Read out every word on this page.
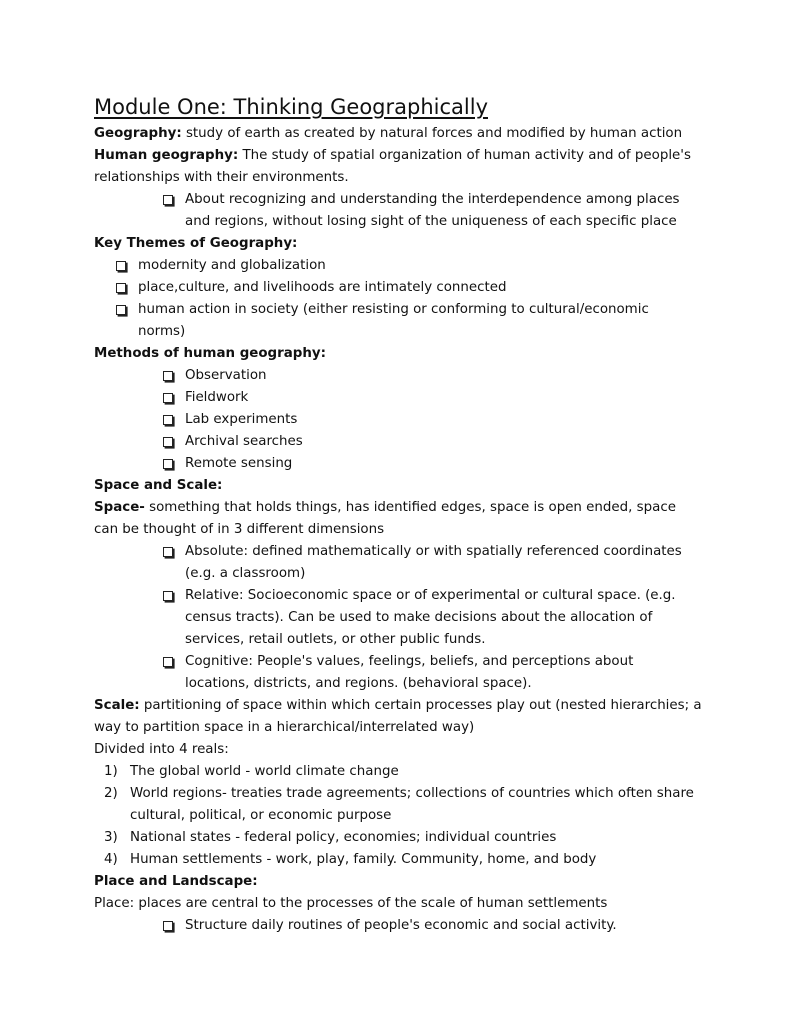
Module One: Thinking Geographically

Geography: study of earth as created by natural forces and modified by human action

Human geography: The study of spatial organization of human activity and of people's relationships with their environments.

About recognizing and understanding the interdependence among places and regions, without losing sight of the uniqueness of each specific place

Key Themes of Geography:

modernity and globalization
place,culture, and livelihoods are intimately connected
human action in society (either resisting or conforming to cultural/economic norms)

Methods of human geography:

Observation
Fieldwork
Lab experiments
Archival searches
Remote sensing

Space and Scale:

Space- something that holds things, has identified edges, space is open ended, space can be thought of in 3 different dimensions

Absolute: defined mathematically or with spatially referenced coordinates (e.g. a classroom)
Relative: Socioeconomic space or of experimental or cultural space. (e.g. census tracts). Can be used to make decisions about the allocation of services, retail outlets, or other public funds.
Cognitive: People's values, feelings, beliefs, and perceptions about locations, districts, and regions. (behavioral space).

Scale: partitioning of space within which certain processes play out (nested hierarchies; a way to partition space in a hierarchical/interrelated way)

Divided into 4 reals:

1) The global world - world climate change
2) World regions- treaties trade agreements; collections of countries which often share cultural, political, or economic purpose
3) National states - federal policy, economies; individual countries
4) Human settlements - work, play, family. Community, home, and body

Place and Landscape:

Place: places are central to the processes of the scale of human settlements

Structure daily routines of people's economic and social activity.
